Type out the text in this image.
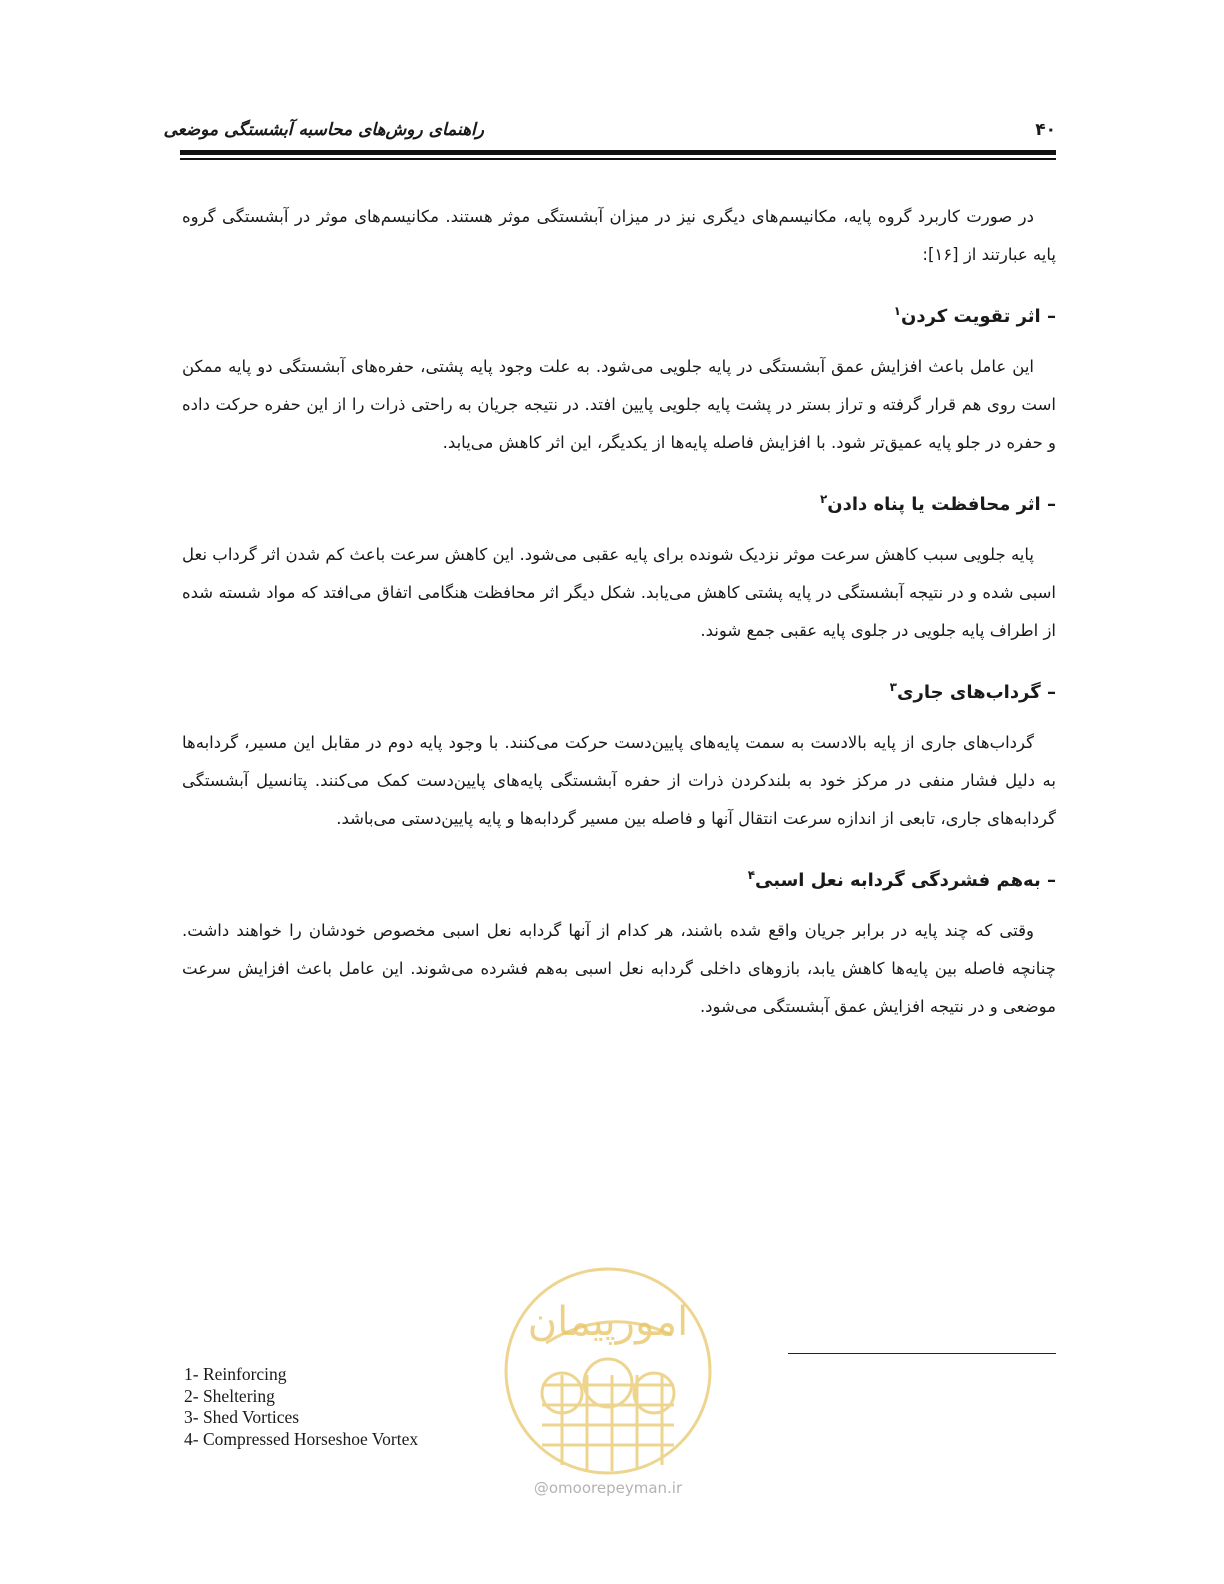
راهنمای روش‌های محاسبه آبشستگی موضعی	۴۰

در صورت کاربرد گروه پایه، مکانیسم‌های دیگری نیز در میزان آبشستگی موثر هستند. مکانیسم‌های موثر در آبشستگی گروه پایه عبارتند از [۱۶]:

– اثر تقویت کردن$^۱$

این عامل باعث افزایش عمق آبشستگی در پایه جلویی می‌شود. به علت وجود پایه پشتی، حفره‌های آبشستگی دو پایه ممکن است روی هم قرار گرفته و تراز بستر در پشت پایه جلویی پایین افتد. در نتیجه جریان به راحتی ذرات را از این حفره حرکت داده و حفره در جلو پایه عمیق‌تر شود. با افزایش فاصله پایه‌ها از یکدیگر، این اثر کاهش می‌یابد.

– اثر محافظت یا پناه دادن$^۲$

پایه جلویی سبب کاهش سرعت موثر نزدیک شونده برای پایه عقبی می‌شود. این کاهش سرعت باعث کم شدن اثر گرداب نعل اسبی شده و در نتیجه آبشستگی در پایه پشتی کاهش می‌یابد. شکل دیگر اثر محافظت هنگامی اتفاق می‌افتد که مواد شسته شده از اطراف پایه جلویی در جلوی پایه عقبی جمع شوند.

– گرداب‌های جاری$^۳$

گرداب‌های جاری از پایه بالادست به سمت پایه‌های پایین‌دست حرکت می‌کنند. با وجود پایه دوم در مقابل این مسیر، گردابه‌ها به دلیل فشار منفی در مرکز خود به بلندکردن ذرات از حفره آبشستگی پایه‌های پایین‌دست کمک می‌کنند. پتانسیل آبشستگی گردابه‌های جاری، تابعی از اندازه سرعت انتقال آنها و فاصله بین مسیر گردابه‌ها و پایه پایین‌دستی می‌باشد.

– به‌هم فشردگی گردابه نعل اسبی$^۴$

وقتی که چند پایه در برابر جریان واقع شده باشند، هر کدام از آنها گردابه نعل اسبی مخصوص خودشان را خواهند داشت. چنانچه فاصله بین پایه‌ها کاهش یابد، بازوهای داخلی گردابه نعل اسبی به‌هم فشرده می‌شوند. این عامل باعث افزایش سرعت موضعی و در نتیجه افزایش عمق آبشستگی می‌شود.

امورپیمان
@omoorepeyman.ir

1- Reinforcing

2- Sheltering

3- Shed Vortices

4- Compressed Horseshoe Vortex
